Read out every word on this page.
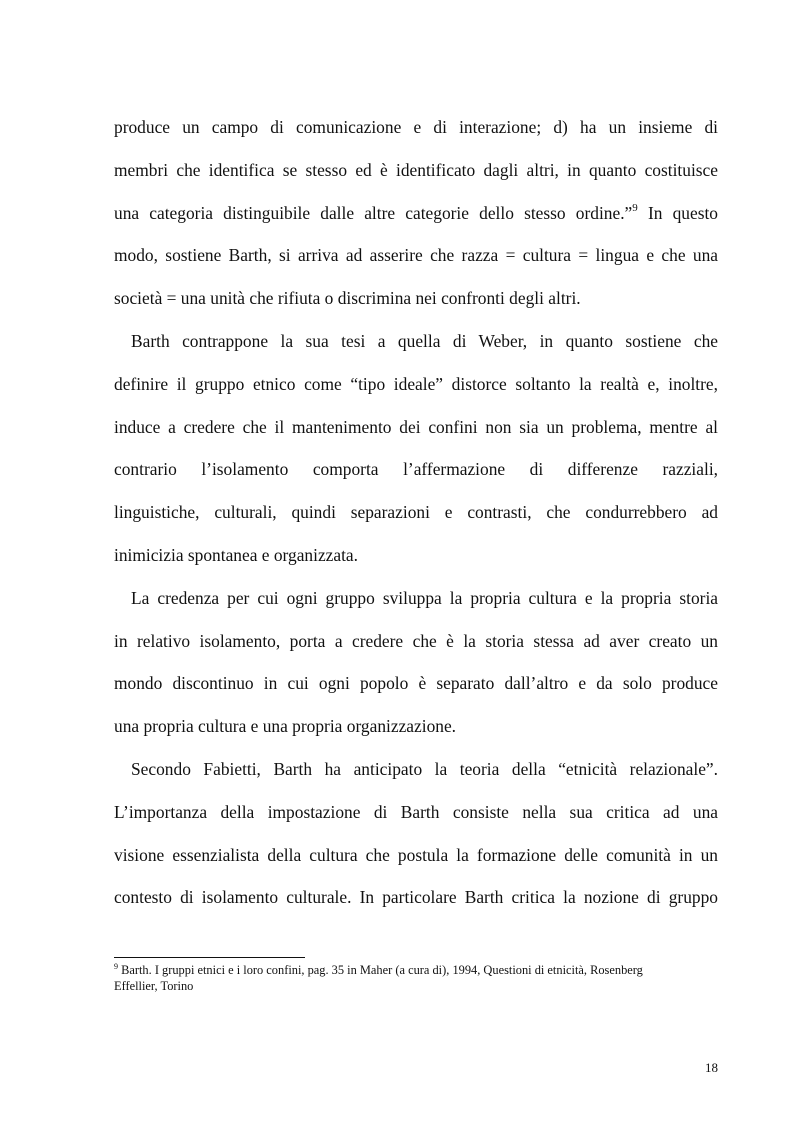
produce un campo di comunicazione e di interazione; d) ha un insieme di
membri che identifica se stesso ed è identificato dagli altri, in quanto costituisce
una categoria distinguibile dalle altre categorie dello stesso ordine.”$^9$ In questo
modo, sostiene Barth, si arriva ad asserire che razza = cultura = lingua e che una
società = una unità che rifiuta o discrimina nei confronti degli altri.
Barth contrappone la sua tesi a quella di Weber, in quanto sostiene che
definire il gruppo etnico come “tipo ideale” distorce soltanto la realtà e, inoltre,
induce a credere che il mantenimento dei confini non sia un problema, mentre al
contrario l’isolamento comporta l’affermazione di differenze razziali,
linguistiche, culturali, quindi separazioni e contrasti, che condurrebbero ad
inimicizia spontanea e organizzata.
La credenza per cui ogni gruppo sviluppa la propria cultura e la propria storia
in relativo isolamento, porta a credere che è la storia stessa ad aver creato un
mondo discontinuo in cui ogni popolo è separato dall’altro e da solo produce
una propria cultura e una propria organizzazione.
Secondo Fabietti, Barth ha anticipato la teoria della “etnicità relazionale”.
L’importanza della impostazione di Barth consiste nella sua critica ad una
visione essenzialista della cultura che postula la formazione delle comunità in un
contesto di isolamento culturale. In particolare Barth critica la nozione di gruppo
$^9$ Barth. I gruppi etnici e i loro confini, pag. 35 in Maher (a cura di), 1994, Questioni di etnicità, Rosenberg
Effellier, Torino
18
